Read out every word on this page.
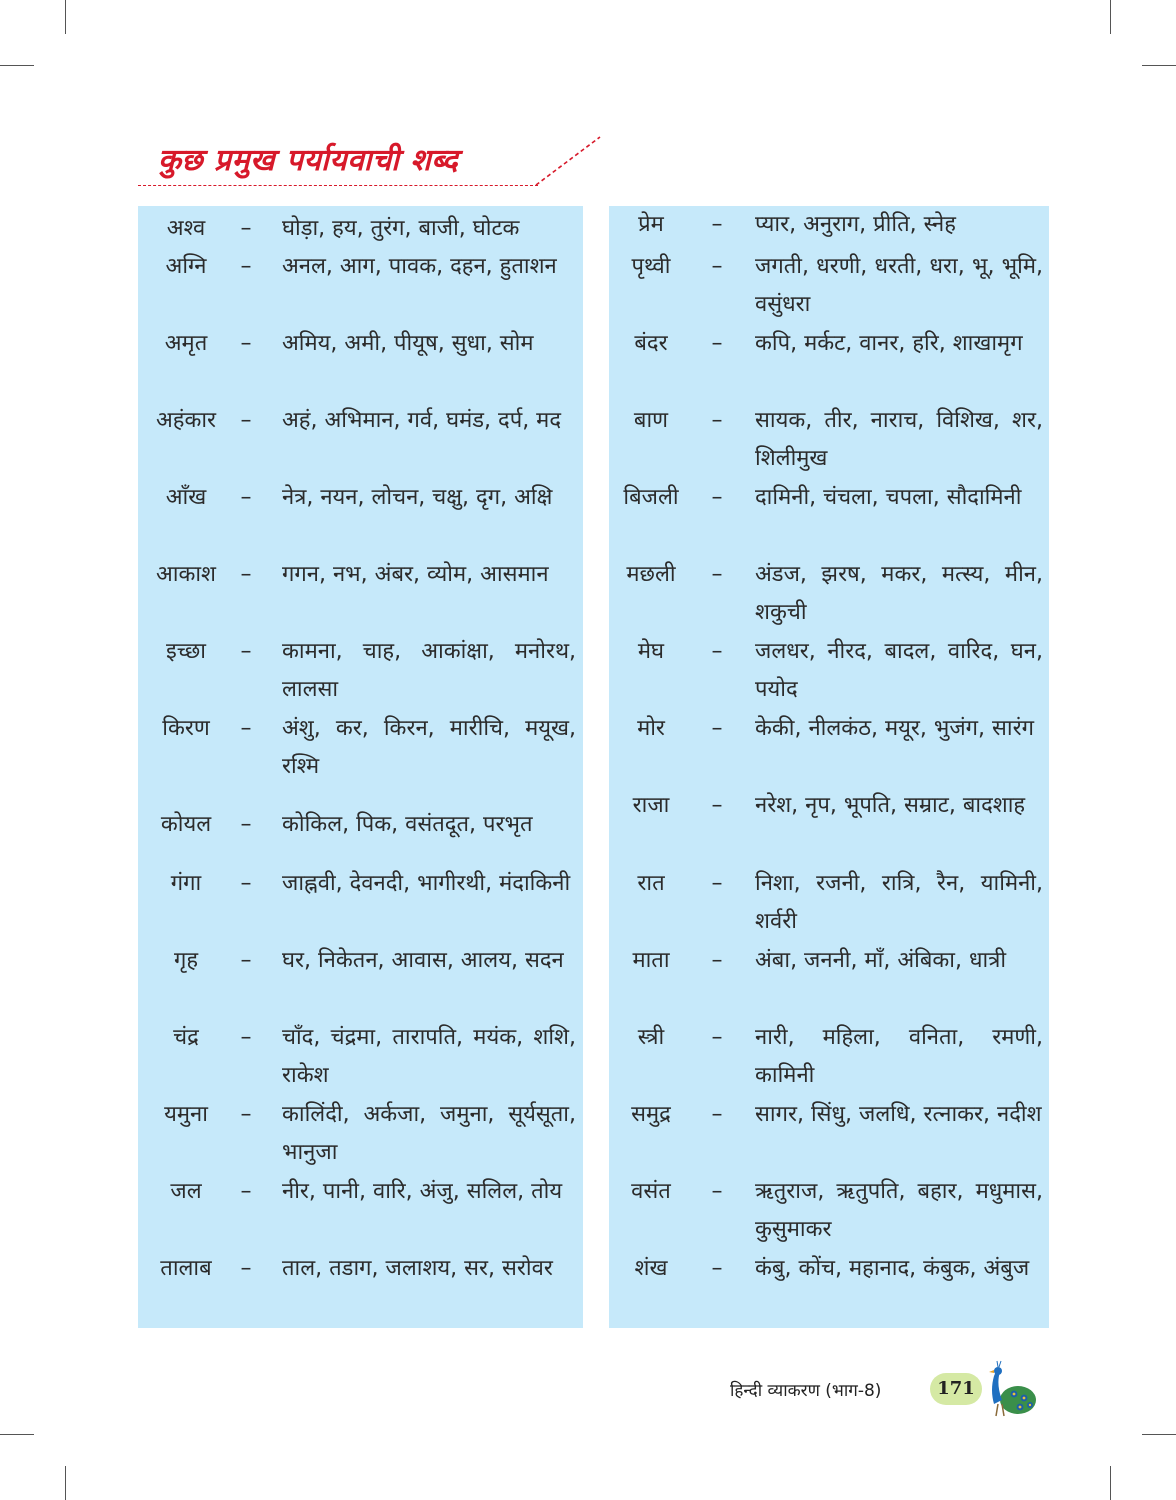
कुछ प्रमुख पर्यायवाची शब्द
अश्व	– घोड़ा, हय, तुरंग, बाजी, घोटक
अग्नि	– अनल, आग, पावक, दहन, हुताशन
अमृत	– अमिय, अमी, पीयूष, सुधा, सोम
अहंकार	– अहं, अभिमान, गर्व, घमंड, दर्प, मद
आँख	– नेत्र, नयन, लोचन, चक्षु, दृग, अक्षि
आकाश	– गगन, नभ, अंबर, व्योम, आसमान
इच्छा	– कामना, चाह, आकांक्षा, मनोरथ, लालसा
किरण	– अंशु, कर, किरन, मारीचि, मयूख, रश्मि
कोयल	– कोकिल, पिक, वसंतदूत, परभृत
गंगा	– जाह्नवी, देवनदी, भागीरथी, मंदाकिनी
गृह	– घर, निकेतन, आवास, आलय, सदन
चंद्र	– चाँद, चंद्रमा, तारापति, मयंक, शशि, राकेश
यमुना	– कालिंदी, अर्कजा, जमुना, सूर्यसूता, भानुजा
जल	– नीर, पानी, वारि, अंजु, सलिल, तोय
तालाब	– ताल, तडाग, जलाशय, सर, सरोवर
प्रेम	– प्यार, अनुराग, प्रीति, स्नेह
पृथ्वी	– जगती, धरणी, धरती, धरा, भू, भूमि, वसुंधरा
बंदर	– कपि, मर्कट, वानर, हरि, शाखामृग
बाण	– सायक, तीर, नाराच, विशिख, शर, शिलीमुख
बिजली	– दामिनी, चंचला, चपला, सौदामिनी
मछली	– अंडज, झरष, मकर, मत्स्य, मीन, शकुची
मेघ	– जलधर, नीरद, बादल, वारिद, घन, पयोद
मोर	– केकी, नीलकंठ, मयूर, भुजंग, सारंग
राजा	– नरेश, नृप, भूपति, सम्राट, बादशाह
रात	– निशा, रजनी, रात्रि, रैन, यामिनी, शर्वरी
माता	– अंबा, जननी, माँ, अंबिका, धात्री
स्त्री	– नारी, महिला, वनिता, रमणी, कामिनी
समुद्र	– सागर, सिंधु, जलधि, रत्नाकर, नदीश
वसंत	– ऋतुराज, ऋतुपति, बहार, मधुमास, कुसुमाकर
शंख	– कंबु, कोंच, महानाद, कंबुक, अंबुज
हिन्दी व्याकरण (भाग-8)	171
